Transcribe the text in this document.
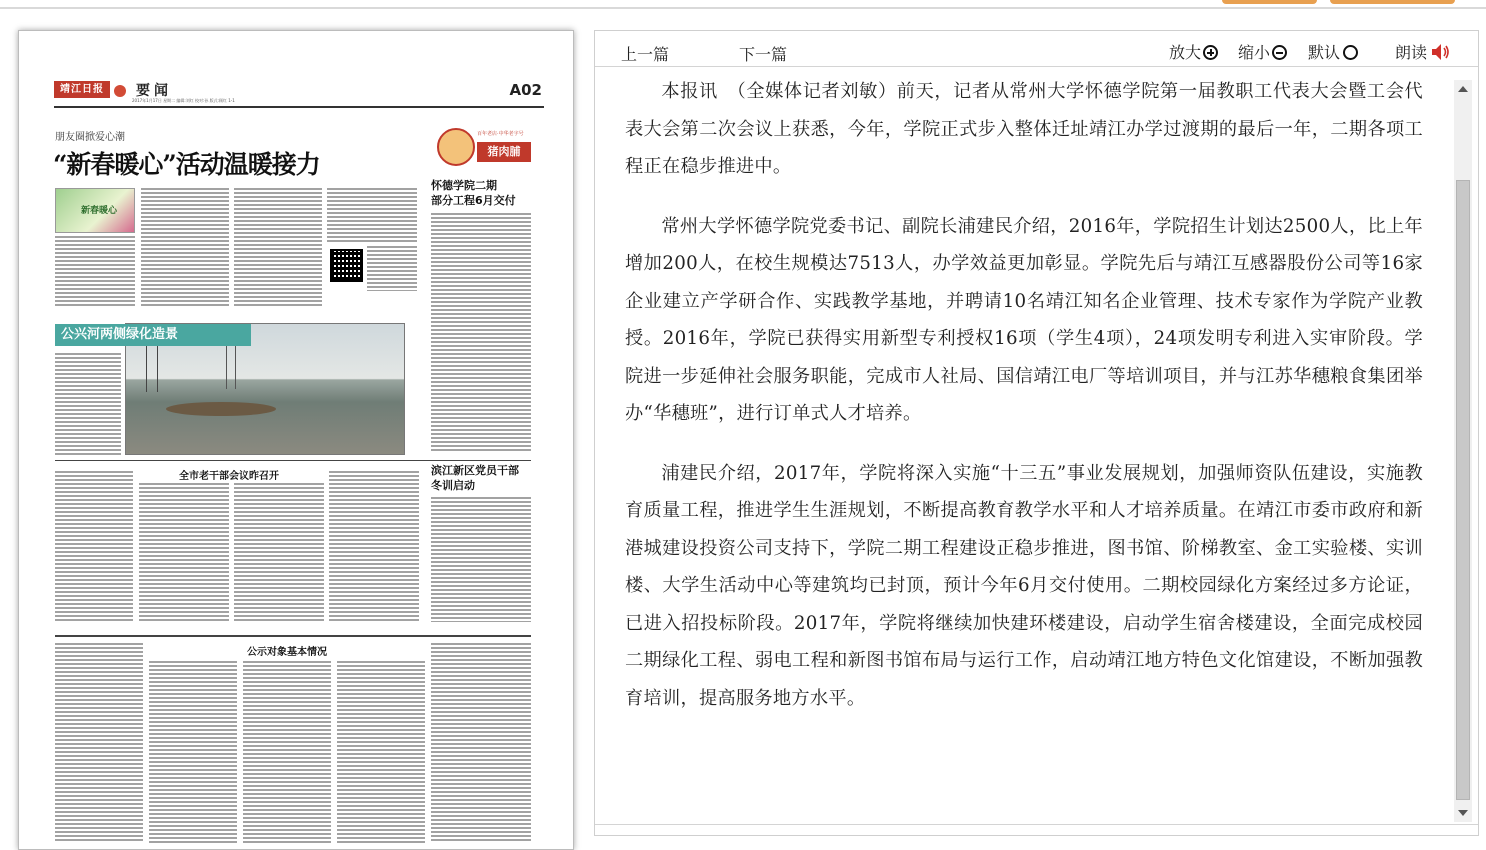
靖江日报	要闻
2017年1月17日 星期二 编辑:刘红 校对:孙 版式:顾红 1-1
A02
朋友圈掀爱心潮
“新春暖心”活动温暖接力
百年老店·中华老字号
猪肉脯
新春暖心
怀德学院二期
部分工程6月交付
公兴河两侧绿化造景
全市老干部会议昨召开	滨江新区党员干部
冬训启动
公示对象基本情况
上一篇	下一篇	放大	缩小	默认	朗读

本报讯　（全媒体记者刘敏）前天，记者从常州大学怀德学院第一届教职工代表大会暨工会代表大会第二次会议上获悉，今年，学院正式步入整体迁址靖江办学过渡期的最后一年，二期各项工程正在稳步推进中。

常州大学怀德学院党委书记、副院长浦建民介绍，2016年，学院招生计划达2500人，比上年增加200人，在校生规模达7513人，办学效益更加彰显。学院先后与靖江互感器股份公司等16家企业建立产学研合作、实践教学基地，并聘请10名靖江知名企业管理、技术专家作为学院产业教授。2016年，学院已获得实用新型专利授权16项（学生4项），24项发明专利进入实审阶段。学院进一步延伸社会服务职能，完成市人社局、国信靖江电厂等培训项目，并与江苏华穗粮食集团举办“华穗班”，进行订单式人才培养。

浦建民介绍，2017年，学院将深入实施“十三五”事业发展规划，加强师资队伍建设，实施教育质量工程，推进学生生涯规划，不断提高教育教学水平和人才培养质量。在靖江市委市政府和新港城建设投资公司支持下，学院二期工程建设正稳步推进，图书馆、阶梯教室、金工实验楼、实训楼、大学生活动中心等建筑均已封顶，预计今年6月交付使用。二期校园绿化方案经过多方论证，已进入招投标阶段。2017年，学院将继续加快建环楼建设，启动学生宿舍楼建设，全面完成校园二期绿化工程、弱电工程和新图书馆布局与运行工作，启动靖江地方特色文化馆建设，不断加强教育培训，提高服务地方水平。
